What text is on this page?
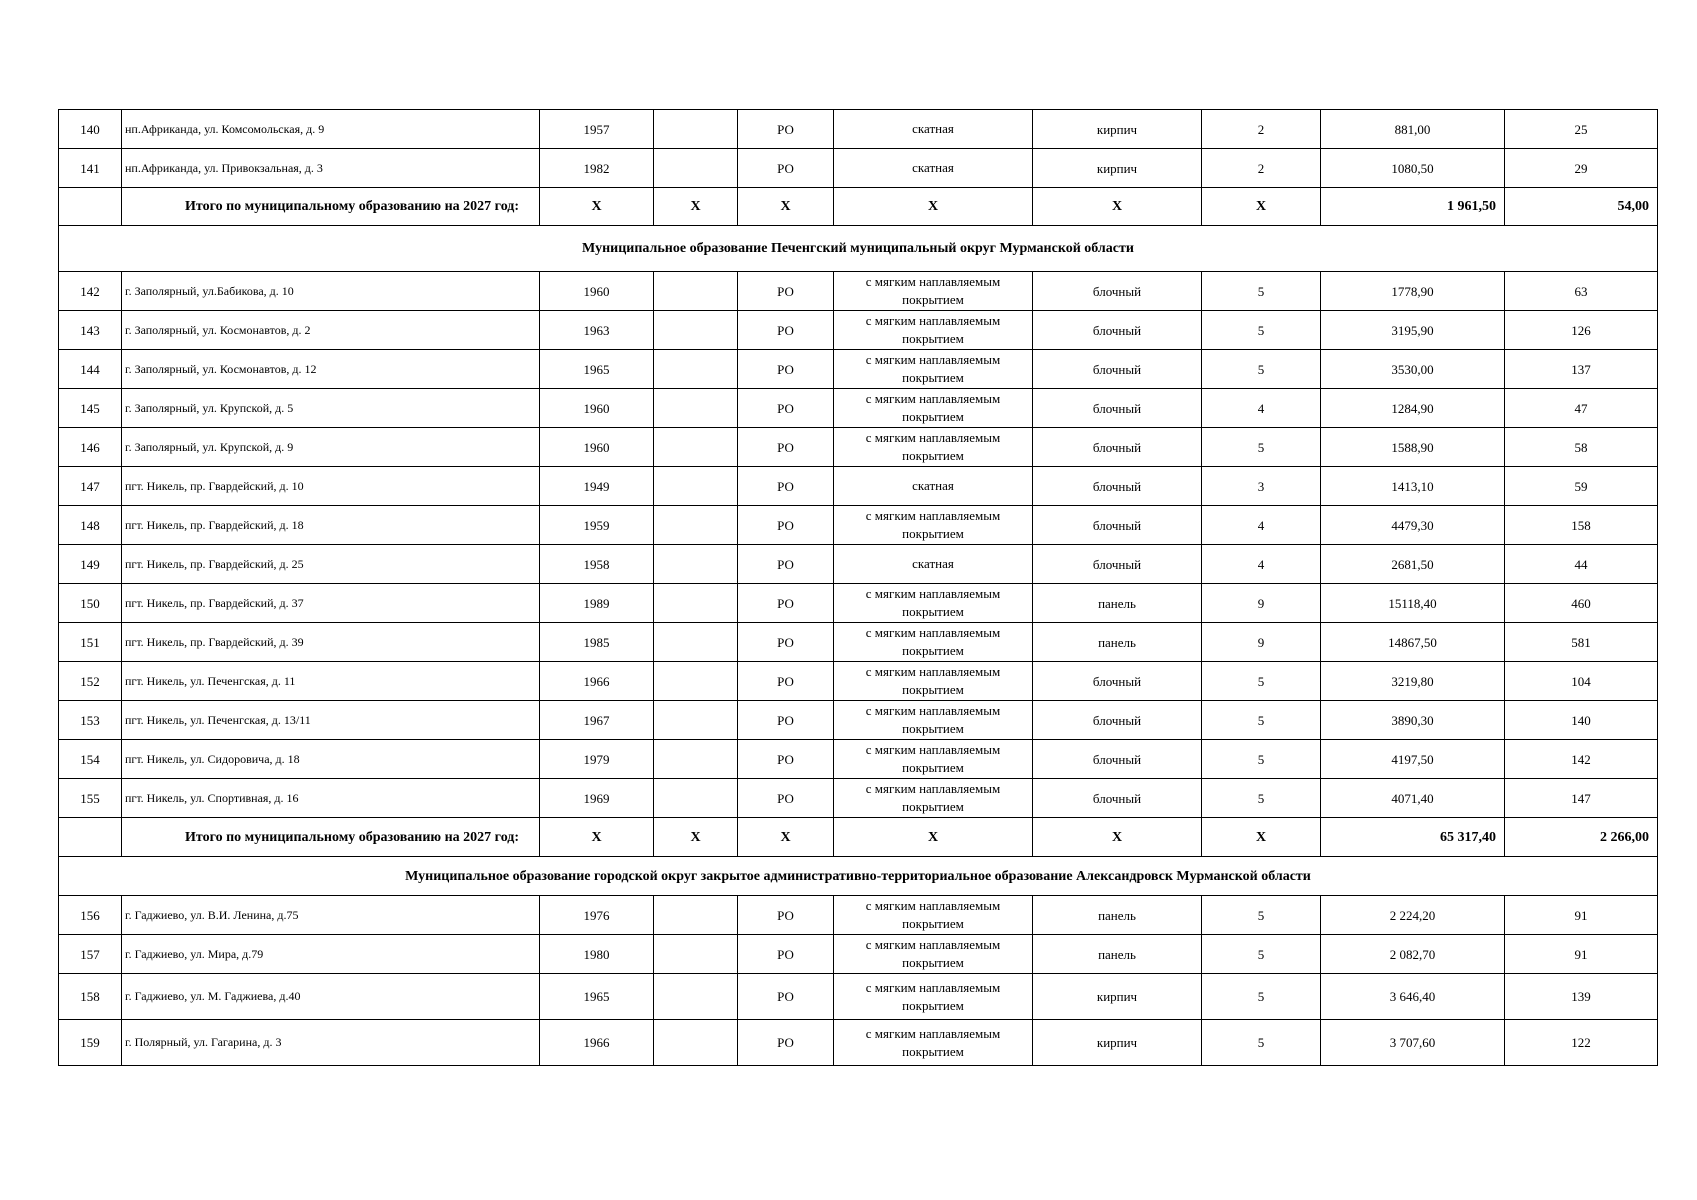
140	нп.Африканда, ул. Комсомольская, д. 9	1957		РО	скатная	кирпич	2	881,00	25
141	нп.Африканда, ул. Привокзальная, д. 3	1982		РО	скатная	кирпич	2	1080,50	29
	Итого по муниципальному образованию на 2027 год:	X	X	X	X	X	X	1 961,50	54,00
Муниципальное образование Печенгский муниципальный округ Мурманской области									
142	г. Заполярный, ул.Бабикова, д. 10	1960		РО	с мягким наплавляемым покрытием	блочный	5	1778,90	63
143	г. Заполярный, ул. Космонавтов, д. 2	1963		РО	с мягким наплавляемым покрытием	блочный	5	3195,90	126
144	г. Заполярный, ул. Космонавтов, д. 12	1965		РО	с мягким наплавляемым покрытием	блочный	5	3530,00	137
145	г. Заполярный, ул. Крупской, д. 5	1960		РО	с мягким наплавляемым покрытием	блочный	4	1284,90	47
146	г. Заполярный, ул. Крупской, д. 9	1960		РО	с мягким наплавляемым покрытием	блочный	5	1588,90	58
147	пгт. Никель, пр. Гвардейский, д. 10	1949		РО	скатная	блочный	3	1413,10	59
148	пгт. Никель, пр. Гвардейский, д. 18	1959		РО	с мягким наплавляемым покрытием	блочный	4	4479,30	158
149	пгт. Никель, пр. Гвардейский, д. 25	1958		РО	скатная	блочный	4	2681,50	44
150	пгт. Никель, пр. Гвардейский, д. 37	1989		РО	с мягким наплавляемым покрытием	панель	9	15118,40	460
151	пгт. Никель, пр. Гвардейский, д. 39	1985		РО	с мягким наплавляемым покрытием	панель	9	14867,50	581
152	пгт. Никель, ул. Печенгская, д. 11	1966		РО	с мягким наплавляемым покрытием	блочный	5	3219,80	104
153	пгт. Никель, ул. Печенгская, д. 13/11	1967		РО	с мягким наплавляемым покрытием	блочный	5	3890,30	140
154	пгт. Никель, ул. Сидоровича, д. 18	1979		РО	с мягким наплавляемым покрытием	блочный	5	4197,50	142
155	пгт. Никель, ул. Спортивная, д. 16	1969		РО	с мягким наплавляемым покрытием	блочный	5	4071,40	147
	Итого по муниципальному образованию на 2027 год:	X	X	X	X	X	X	65 317,40	2 266,00
Муниципальное образование городской округ закрытое административно-территориальное образование Александровск Мурманской области									
156	г. Гаджиево, ул. В.И. Ленина, д.75	1976		РО	с мягким наплавляемым покрытием	панель	5	2 224,20	91
157	г. Гаджиево, ул. Мира, д.79	1980		РО	с мягким наплавляемым покрытием	панель	5	2 082,70	91
158	г. Гаджиево, ул. М. Гаджиева, д.40	1965		РО	с мягким наплавляемым покрытием	кирпич	5	3 646,40	139
159	г. Полярный, ул. Гагарина, д. 3	1966		РО	с мягким наплавляемым покрытием	кирпич	5	3 707,60	122
